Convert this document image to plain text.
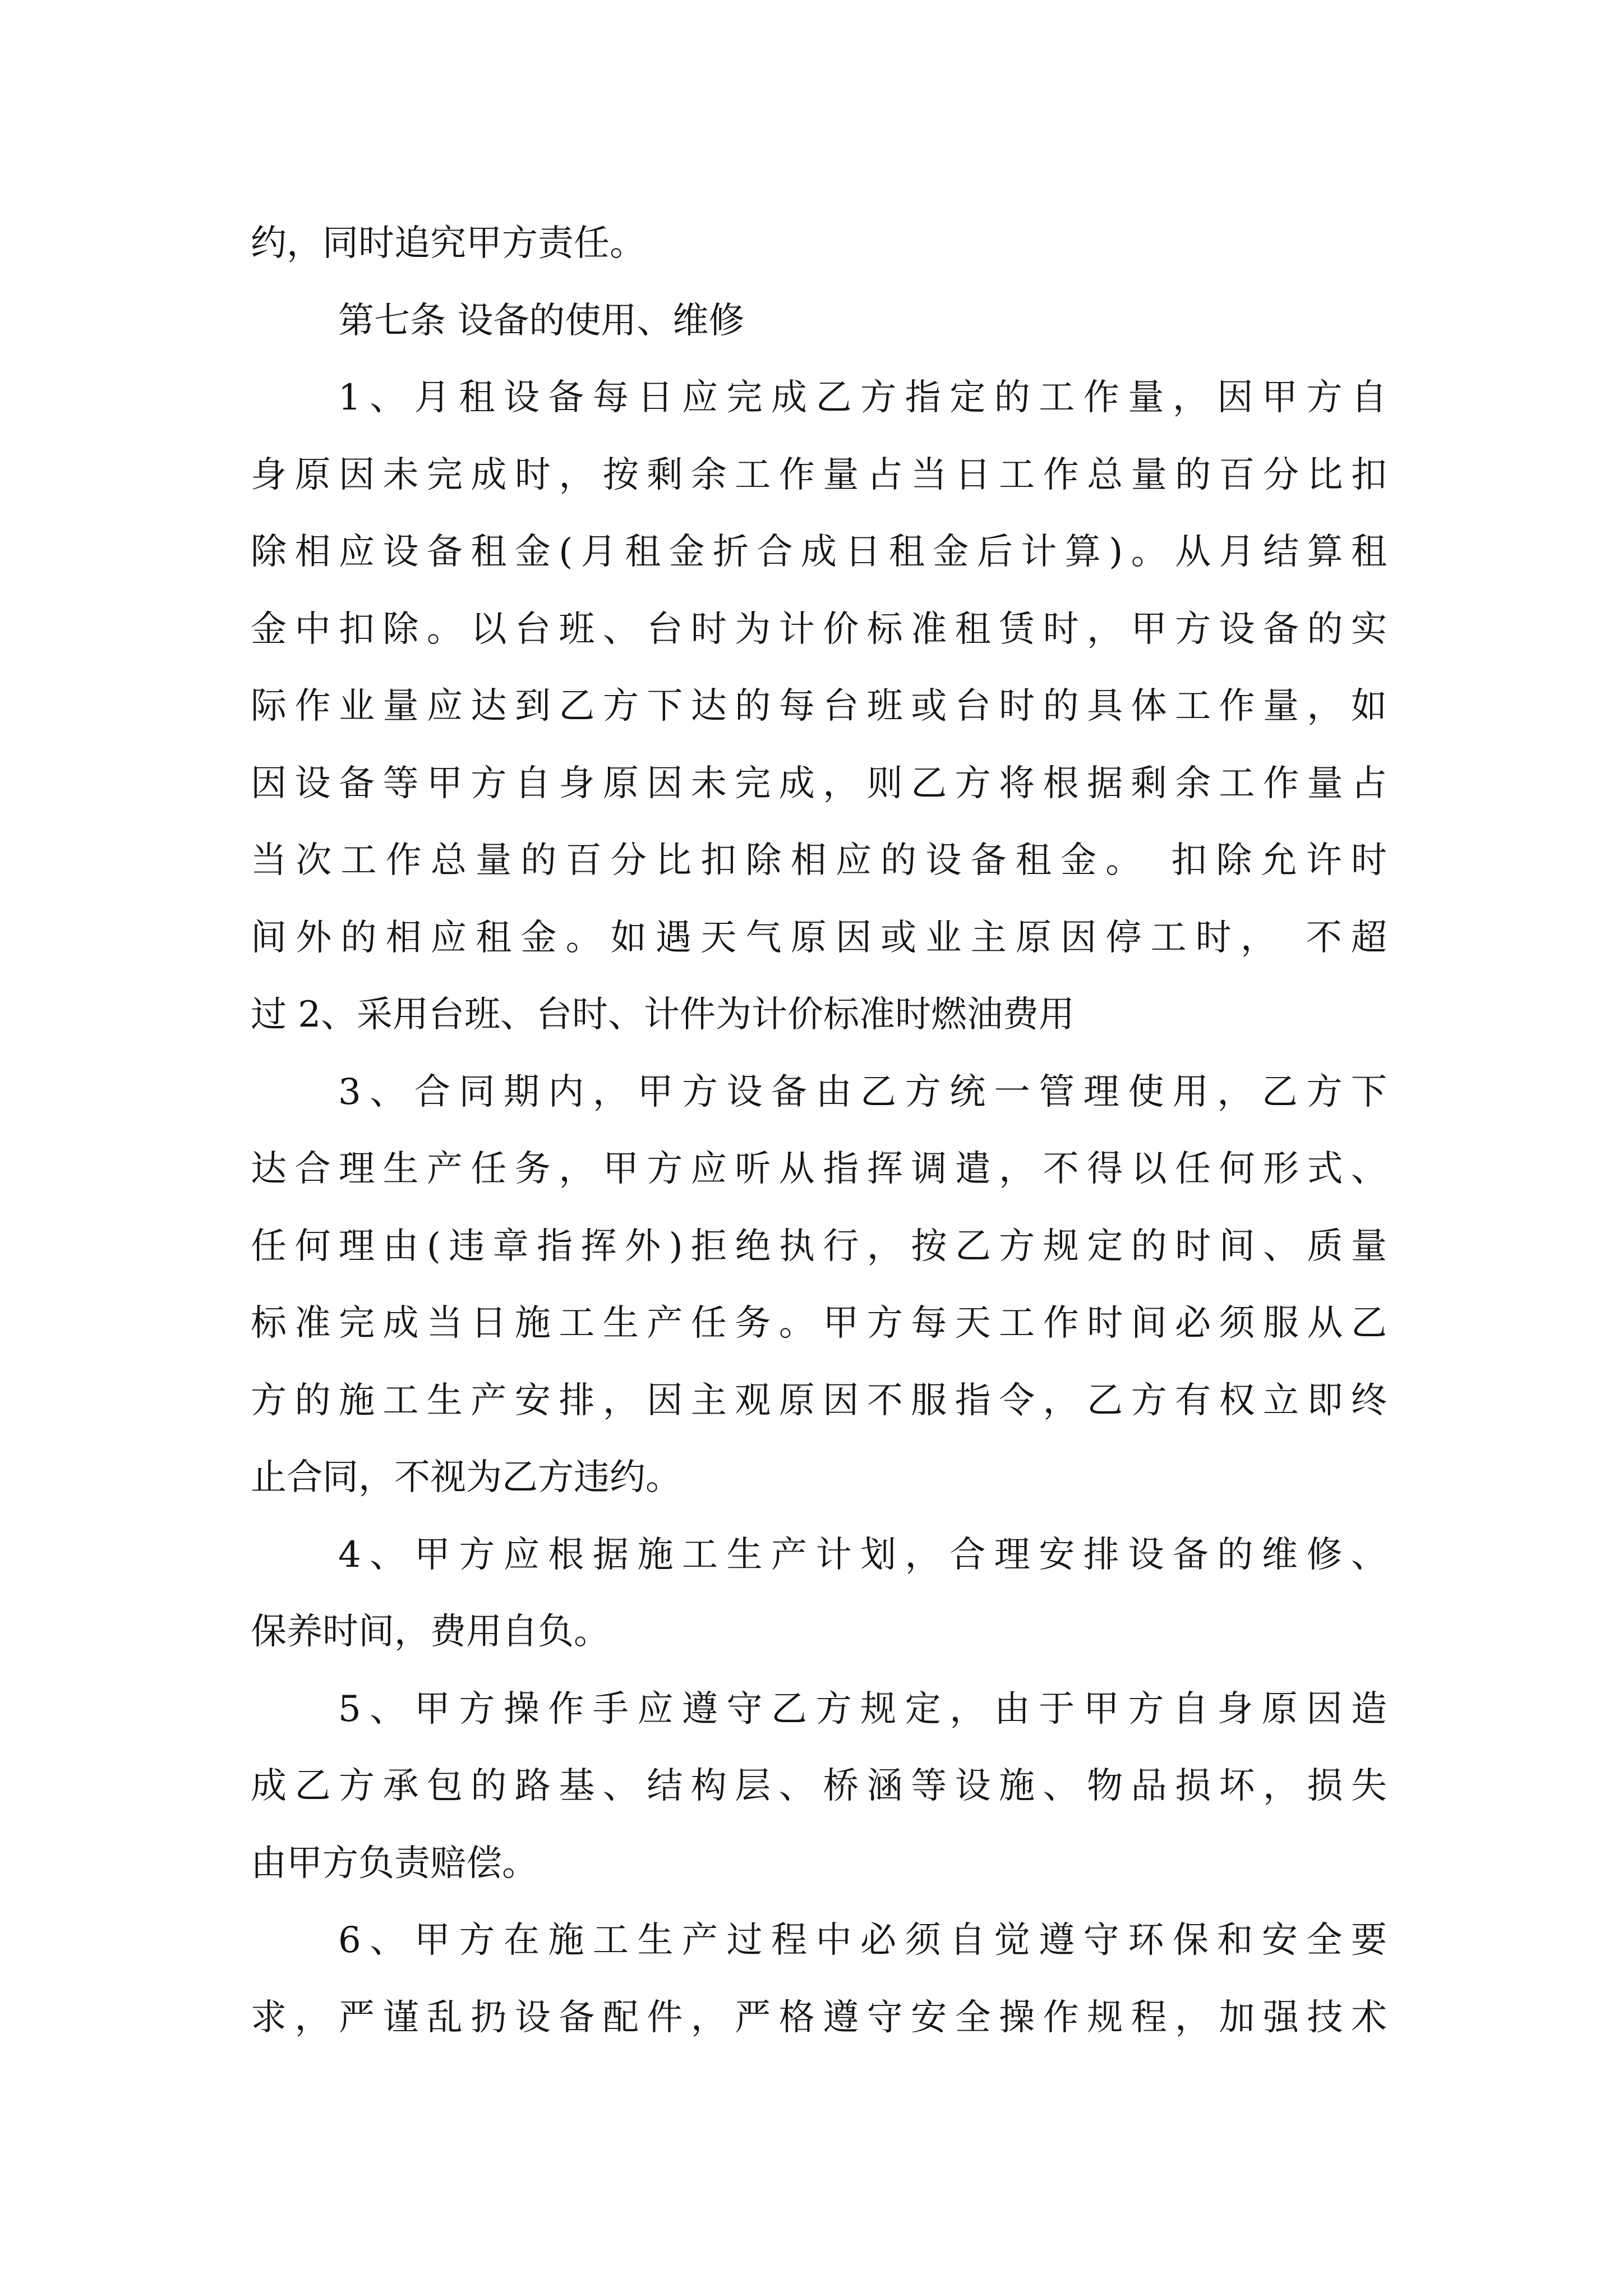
约，同时追究甲方责任。

第七条 设备的使用、维修

1、月租设备每日应完成乙方指定的工作量，因甲方自
身原因未完成时，按剩余工作量占当日工作总量的百分比扣
除相应设备租金(月租金折合成日租金后计算)。从月结算租
金中扣除。以台班、台时为计价标准租赁时，甲方设备的实
际作业量应达到乙方下达的每台班或台时的具体工作量，如
因设备等甲方自身原因未完成，则乙方将根据剩余工作量占
当次工作总量的百分比扣除相应的设备租金。 扣除允许时
间外的相应租金。如遇天气原因或业主原因停工时， 不超
过 2、采用台班、台时、计件为计价标准时燃油费用

3、合同期内，甲方设备由乙方统一管理使用，乙方下
达合理生产任务，甲方应听从指挥调遣，不得以任何形式、
任何理由(违章指挥外)拒绝执行，按乙方规定的时间、质量
标准完成当日施工生产任务。甲方每天工作时间必须服从乙
方的施工生产安排，因主观原因不服指令，乙方有权立即终
止合同，不视为乙方违约。

4、甲方应根据施工生产计划，合理安排设备的维修、
保养时间，费用自负。

5、甲方操作手应遵守乙方规定，由于甲方自身原因造
成乙方承包的路基、结构层、桥涵等设施、物品损坏，损失
由甲方负责赔偿。

6、甲方在施工生产过程中必须自觉遵守环保和安全要
求，严谨乱扔设备配件，严格遵守安全操作规程，加强技术
